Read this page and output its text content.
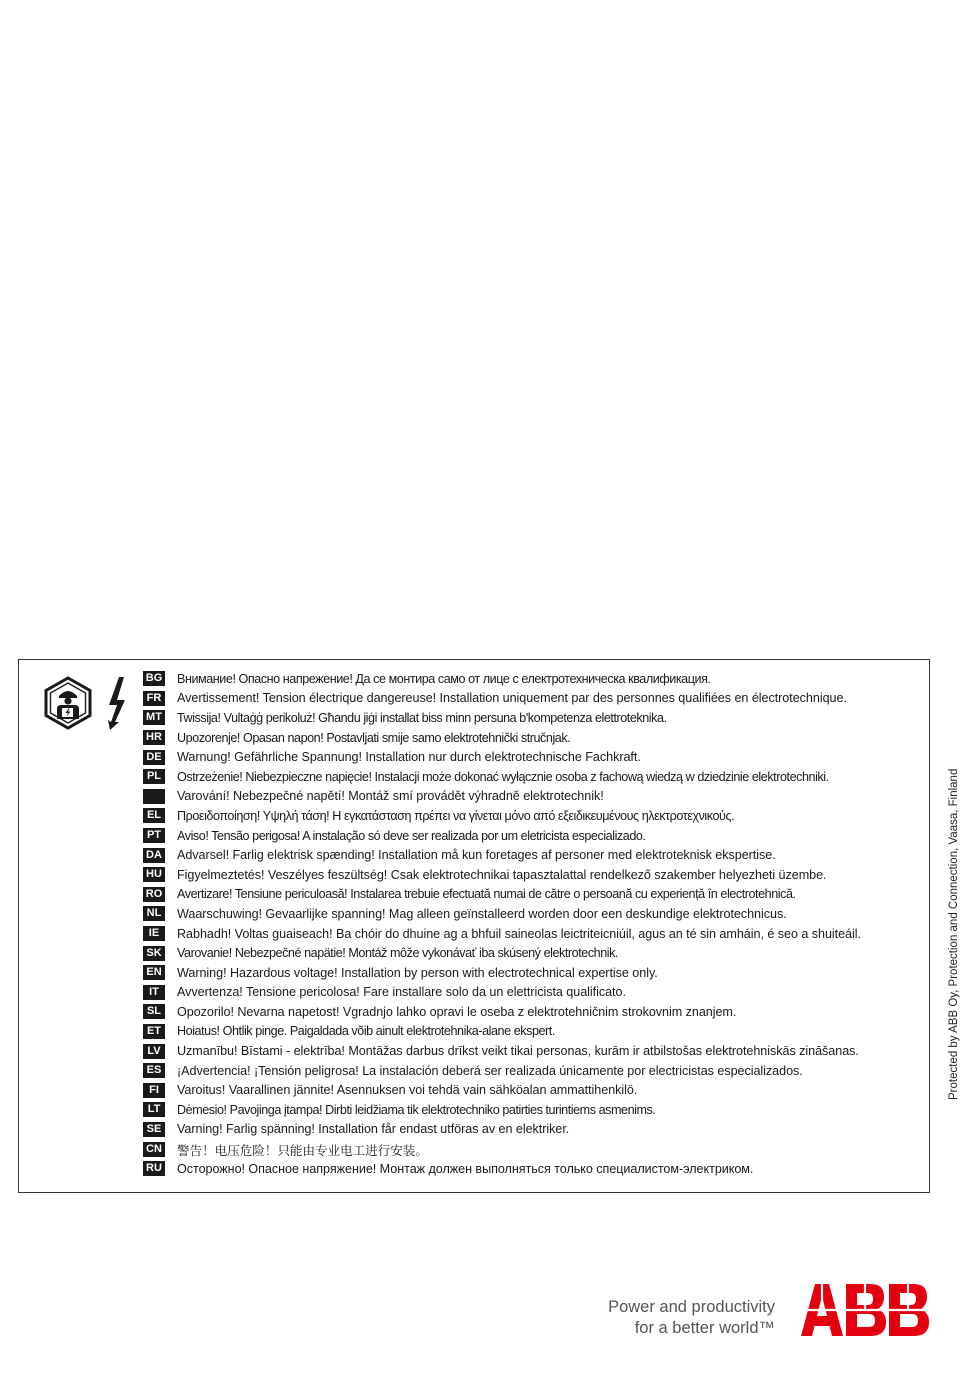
BG Внимание! Опасно напрежение! Да се монтира само от лице с електротехническа квалификация.
FR Avertissement! Tension électrique dangereuse! Installation uniquement par des personnes qualifiées en électrotechnique.
MT Twissija! Vultaġġ perikoluż! Għandu jiġi installat biss minn persuna b'kompetenza elettroteknika.
HR Upozorenje! Opasan napon! Postavljati smije samo elektrotehnički stručnjak.
DE Warnung! Gefährliche Spannung! Installation nur durch elektrotechnische Fachkraft.
PL	Ostrzeżenie! Niebezpieczne napięcie! Instalacji może dokonać wyłącznie osoba z fachową wiedzą w dziedzinie elektrotechniki.
Varování! Nebezpečné napětí! Montáž smí provádět výhradně elektrotechnik!
EL	Προειδοποίηση! Υψηλή τάση! Η εγκατάσταση πρέπει να γίνεται μόνο από εξειδικευμένους ηλεκτροτεχνικούς.
PT	Aviso! Tensão perigosa! A instalação só deve ser realizada por um eletricista especializado.
DA Advarsel! Farlig elektrisk spænding! Installation må kun foretages af personer med elektroteknisk ekspertise.
HU Figyelmeztetés! Veszélyes feszültség! Csak elektrotechnikai tapasztalattal rendelkező szakember helyezheti üzembe.
RO Avertizare! Tensiune periculoasă! Instalarea trebuie efectuată numai de către o persoană cu experiență în electrotehnică.
NL Waarschuwing! Gevaarlijke spanning! Mag alleen geïnstalleerd worden door een deskundige elektrotechnicus.
IE	Rabhadh! Voltas guaiseach! Ba chóir do dhuine ag a bhfuil saineolas leictriteicniúil, agus an té sin amháin, é seo a shuiteáil.
SK Varovanie! Nebezpečné napätie! Montáž môže vykonávať iba skúsený elektrotechnik.
EN Warning! Hazardous voltage! Installation by person with electrotechnical expertise only.
IT	Avvertenza! Tensione pericolosa! Fare installare solo da un elettricista qualificato.
SL	Opozorilo! Nevarna napetost! Vgradnjo lahko opravi le oseba z elektrotehničnim strokovnim znanjem.
ET	Hoiatus! Ohtlik pinge. Paigaldada võib ainult elektrotehnika-alane ekspert.
LV	Uzmanību! Bīstami - elektrība! Montāžas darbus drīkst veikt tikai personas, kurām ir atbilstošas elektrotehniskās zināšanas.
ES ¡Advertencia! ¡Tensión peligrosa! La instalación deberá ser realizada únicamente por electricistas especializados.
FI	Varoitus! Vaarallinen jännite! Asennuksen voi tehdä vain sähköalan ammattihenkilö.
LT	Dėmesio! Pavojinga įtampa! Dirbti leidžiama tik elektrotechniko patirties turintiems asmenims.
SE Varning! Farlig spänning! Installation får endast utföras av en elektriker.
CN 警告！电压危险！只能由专业电工进行安装。
RU Осторожно! Опасное напряжение! Монтаж должен выполняться только специалистом-электриком.
Protected by ABB Oy, Protection and Connection, Vaasa, Finland
Power and productivity
for a better world™
